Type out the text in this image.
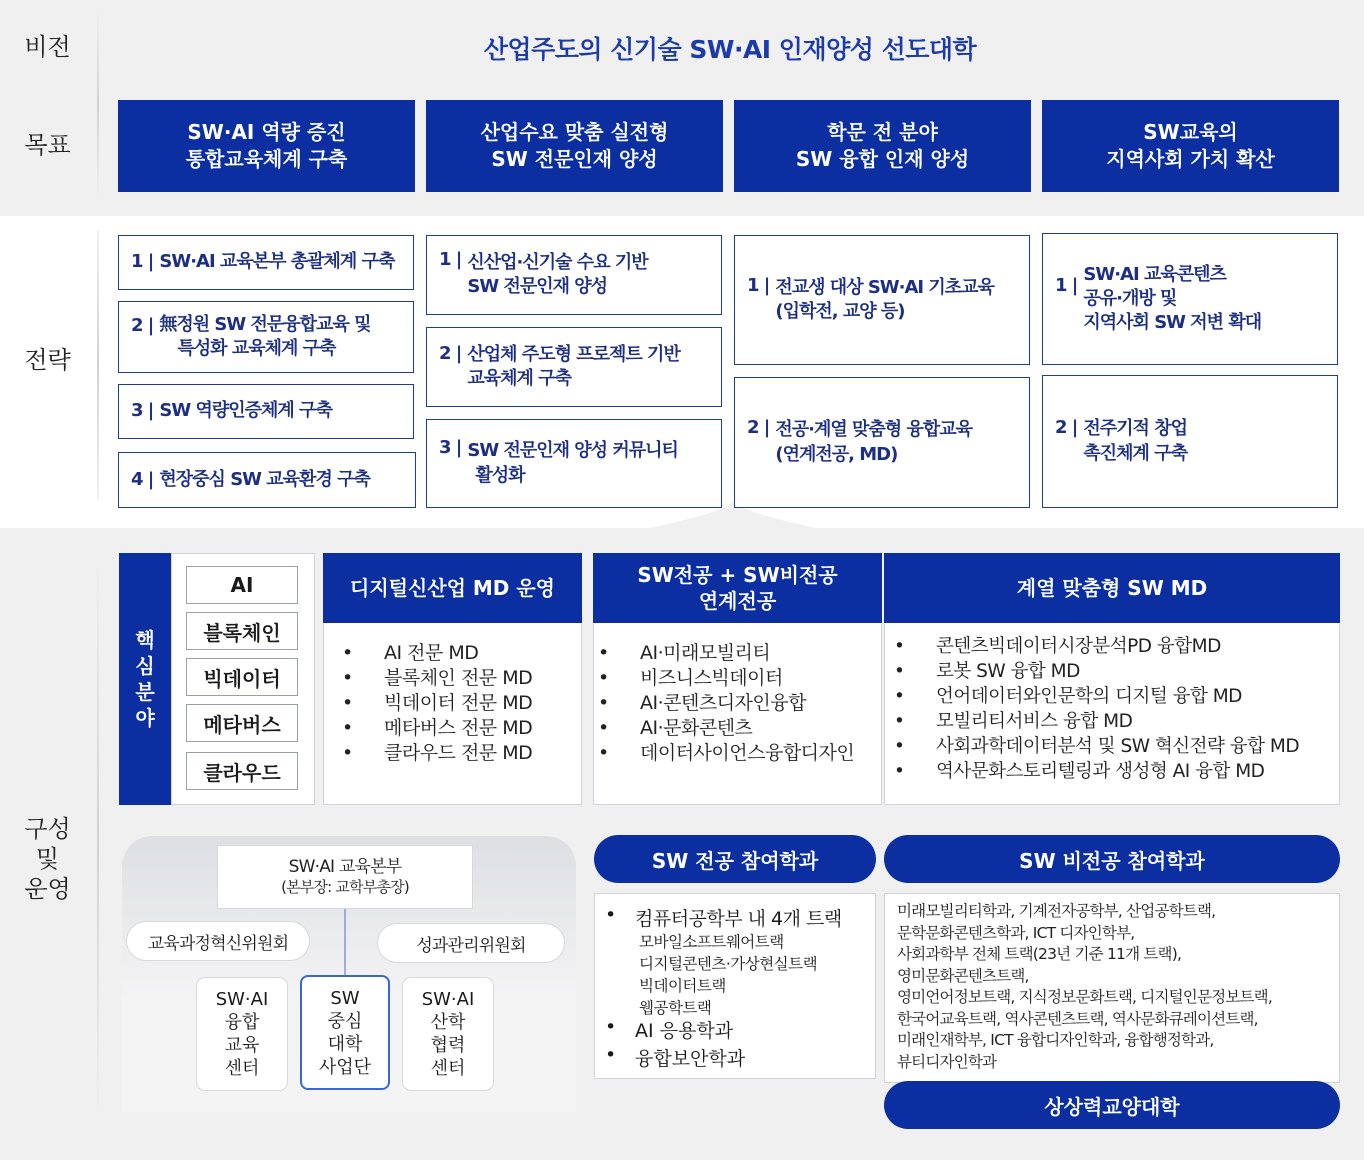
비전
목표
전략
구성
및
운영
산업주도의 신기술 SW·AI 인재양성 선도대학
SW·AI 역량 증진
통합교육체계 구축
산업수요 맞춤 실전형
SW 전문인재 양성
학문 전 분야
SW 융합 인재 양성
SW교육의
지역사회 가치 확산
1 | SW·AI 교육본부 총괄체계 구축
2 | 無정원 SW 전문융합교육 및
특성화 교육체계 구축
3 | SW 역량인증체계 구축
4 | 현장중심 SW 교육환경 구축
1 | 신산업·신기술 수요 기반
SW 전문인재 양성
2 | 산업체 주도형 프로젝트 기반
교육체계 구축
3 | SW 전문인재 양성 커뮤니티
활성화
1 | 전교생 대상 SW·AI 기초교육
(입학전, 교양 등)
2 | 전공·계열 맞춤형 융합교육
(연계전공, MD)
1 |
SW·AI 교육콘텐츠
공유·개방 및
지역사회 SW 저변 확대
2 | 전주기적 창업
촉진체계 구축
핵
심
분
야
AI
블록체인
빅데이터
메타버스
클라우드
디지털신산업 MD 운영
• AI 전문 MD
• 블록체인 전문 MD
• 빅데이터 전문 MD
• 메타버스 전문 MD
• 클라우드 전문 MD
SW전공 + SW비전공
연계전공
• AI·미래모빌리티
• 비즈니스빅데이터
• AI·콘텐츠디자인융합
• AI·문화콘텐츠
• 데이터사이언스융합디자인
계열 맞춤형 SW MD
• 콘텐츠빅데이터시장분석PD 융합MD
• 로봇 SW 융합 MD
• 언어데이터와인문학의 디지털 융합 MD
• 모빌리티서비스 융합 MD
• 사회과학데이터분석 및 SW 혁신전략 융합 MD
• 역사문화스토리텔링과 생성형 AI 융합 MD
SW·AI 교육본부
(본부장: 교학부총장)
교육과정혁신위원회	성과관리위원회
SW·AI
융합
교육
센터
SW
중심
대학
사업단
SW·AI
산학
협력
센터
SW 전공 참여학과
• 컴퓨터공학부 내 4개 트랙
모바일소프트웨어트랙
디지털콘텐츠·가상현실트랙
빅데이터트랙
웹공학트랙
• AI 응용학과
• 융합보안학과
SW 비전공 참여학과
미래모빌리티학과, 기계전자공학부, 산업공학트랙,
문학문화콘텐츠학과, ICT 디자인학부,
사회과학부 전체 트랙(23년 기준 11개 트랙),
영미문화콘텐츠트랙,
영미언어정보트랙, 지식정보문화트랙, 디지털인문정보트랙,
한국어교육트랙, 역사콘텐츠트랙, 역사문화큐레이션트랙,
미래인재학부, ICT 융합디자인학과, 융합행정학과,
뷰티디자인학과
상상력교양대학
